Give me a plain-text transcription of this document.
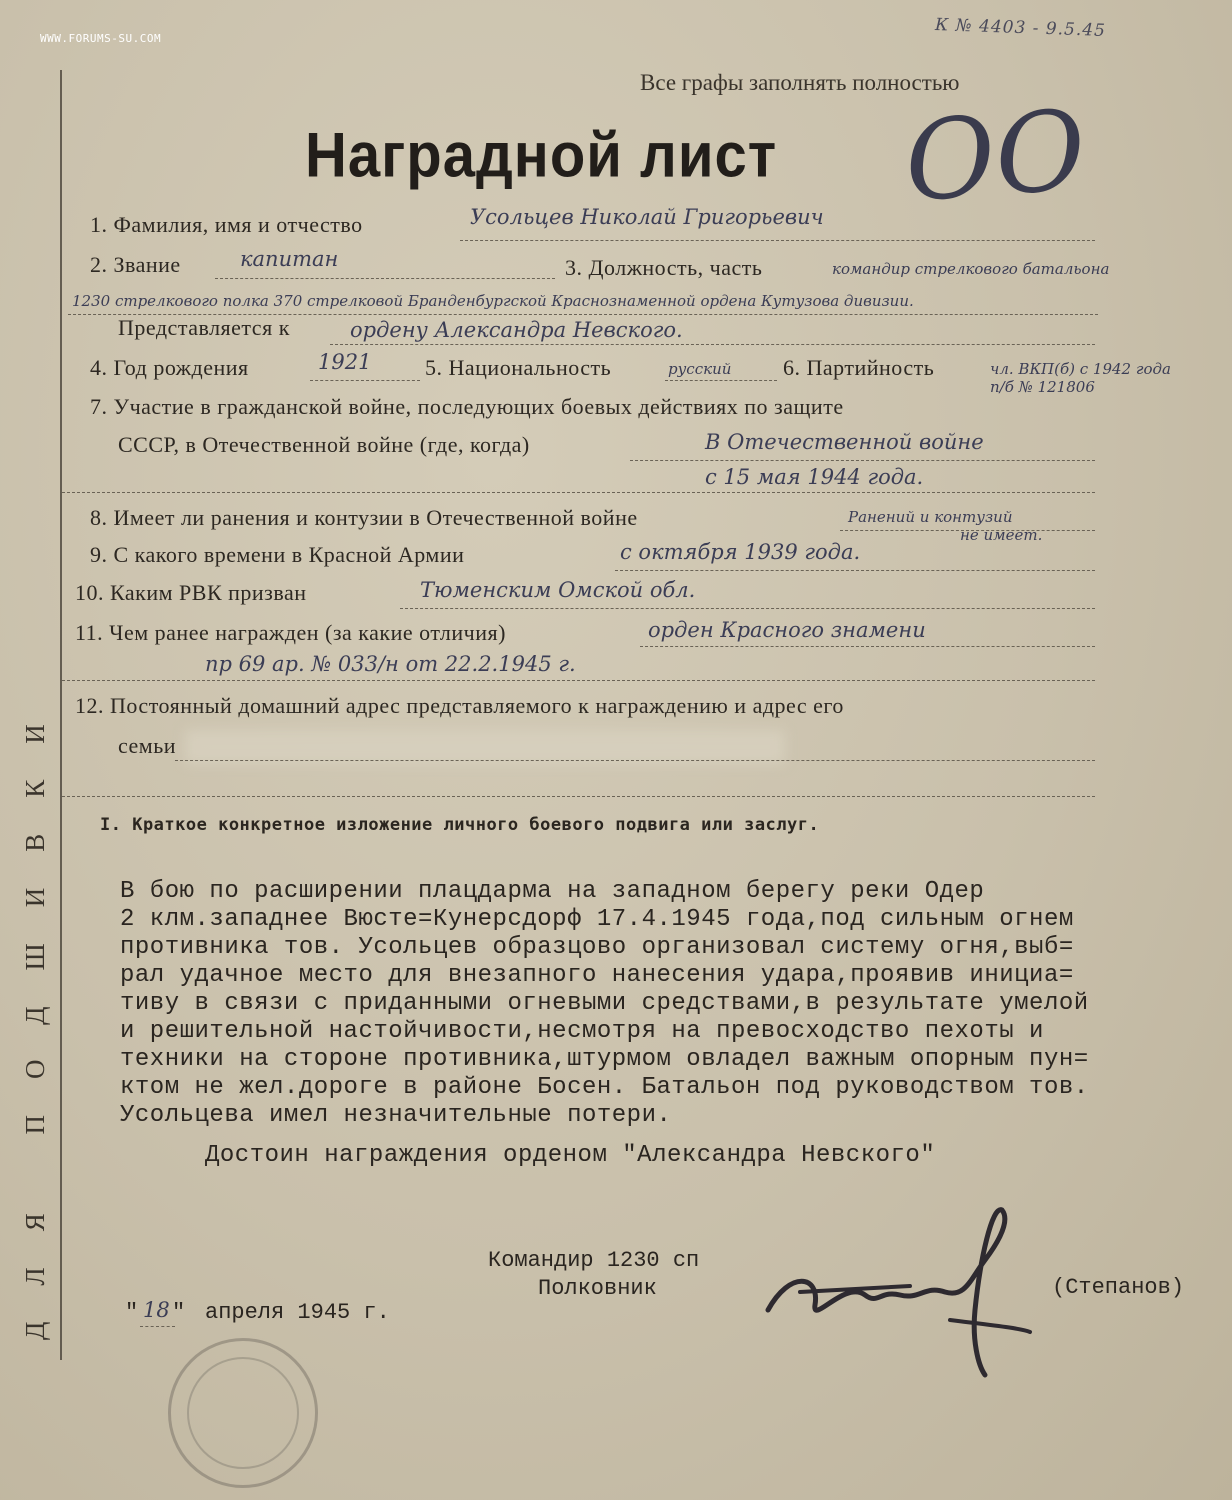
WWW.FORUMS-SU.COM	К № 4403 - 9.5.45
Все графы заполнять полностью
Наградной лист ОО
ДЛЯ ПОДШИВКИ
1. Фамилия, имя и отчество	Усольцев Николай Григорьевич
2. Звание	капитан	3. Должность, часть	командир стрелкового батальона
1230 стрелкового полка 370 стрелковой Бранденбургской Краснознаменной ордена Кутузова дивизии.
Представляется к	ордену Александра Невского.
4. Год рождения	1921 5. Национальность	русский 6. Партийность	чл. ВКП(б) с 1942 года
п/б № 121806
7. Участие в гражданской войне, последующих боевых действиях по защите
СССР, в Отечественной войне (где, когда)	В Отечественной войне
с 15 мая 1944 года.
8. Имеет ли ранения и контузии в Отечественной войне	Ранений и контузий
не имеет.
9. С какого времени в Красной Армии	с октября 1939 года.
10. Каким РВК призван	Тюменским Омской обл.
11. Чем ранее награжден (за какие отличия)	орден Красного знамени
пр 69 ар. № 033/н от 22.2.1945 г.
12. Постоянный домашний адрес представляемого к награждению и адрес его
семьи
I. Краткое конкретное изложение личного боевого подвига или заслуг.
В бою по расширении плацдарма на западном берегу реки Одер
2 клм.западнее Вюсте=Кунерсдорф 17.4.1945 года,под сильным огнем
противника тов. Усольцев образцово организовал систему огня,выб=
рал удачное место для внезапного нанесения удара,проявив инициа=
тиву в связи с приданными огневыми средствами,в результате умелой
и решительной настойчивости,несмотря на превосходство пехоты и
техники на стороне противника,штурмом овладел важным опорным пун=
ктом не жел.дороге в районе Босен. Батальон под руководством тов.
Усольцева имел незначительные потери.
Достоин награждения орденом "Александра Невского"
Командир 1230 сп
Полковник	(Степанов)
" 18 " апреля 1945 г.
